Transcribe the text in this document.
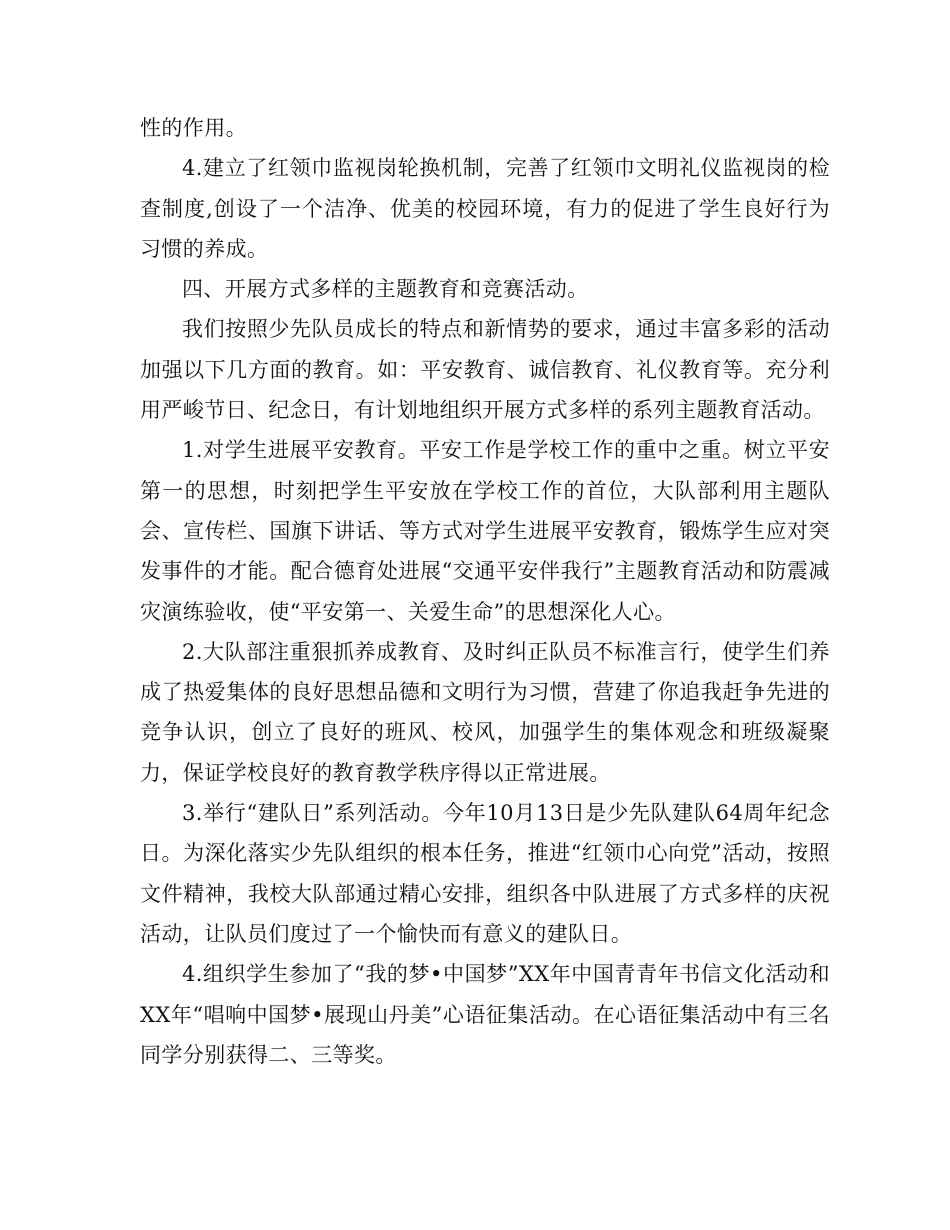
性的作用。

4.建立了红领巾监视岗轮换机制，完善了红领巾文明礼仪监视岗的检查制度,创设了一个洁净、优美的校园环境，有力的促进了学生良好行为习惯的养成。

四、开展方式多样的主题教育和竞赛活动。

我们按照少先队员成长的特点和新情势的要求，通过丰富多彩的活动加强以下几方面的教育。如：平安教育、诚信教育、礼仪教育等。充分利用严峻节日、纪念日，有计划地组织开展方式多样的系列主题教育活动。

1.对学生进展平安教育。平安工作是学校工作的重中之重。树立平安第一的思想，时刻把学生平安放在学校工作的首位，大队部利用主题队会、宣传栏、国旗下讲话、等方式对学生进展平安教育，锻炼学生应对突发事件的才能。配合德育处进展“交通平安伴我行”主题教育活动和防震减灾演练验收，使“平安第一、关爱生命”的思想深化人心。

2.大队部注重狠抓养成教育、及时纠正队员不标准言行，使学生们养成了热爱集体的良好思想品德和文明行为习惯，营建了你追我赶争先进的竞争认识，创立了良好的班风、校风，加强学生的集体观念和班级凝聚力，保证学校良好的教育教学秩序得以正常进展。

3.举行“建队日”系列活动。今年10月13日是少先队建队64周年纪念日。为深化落实少先队组织的根本任务，推进“红领巾心向党”活动，按照文件精神，我校大队部通过精心安排，组织各中队进展了方式多样的庆祝活动，让队员们度过了一个愉快而有意义的建队日。

4.组织学生参加了“我的梦•中国梦”XX年中国青青年书信文化活动和XX年“唱响中国梦•展现山丹美”心语征集活动。在心语征集活动中有三名同学分别获得二、三等奖。
